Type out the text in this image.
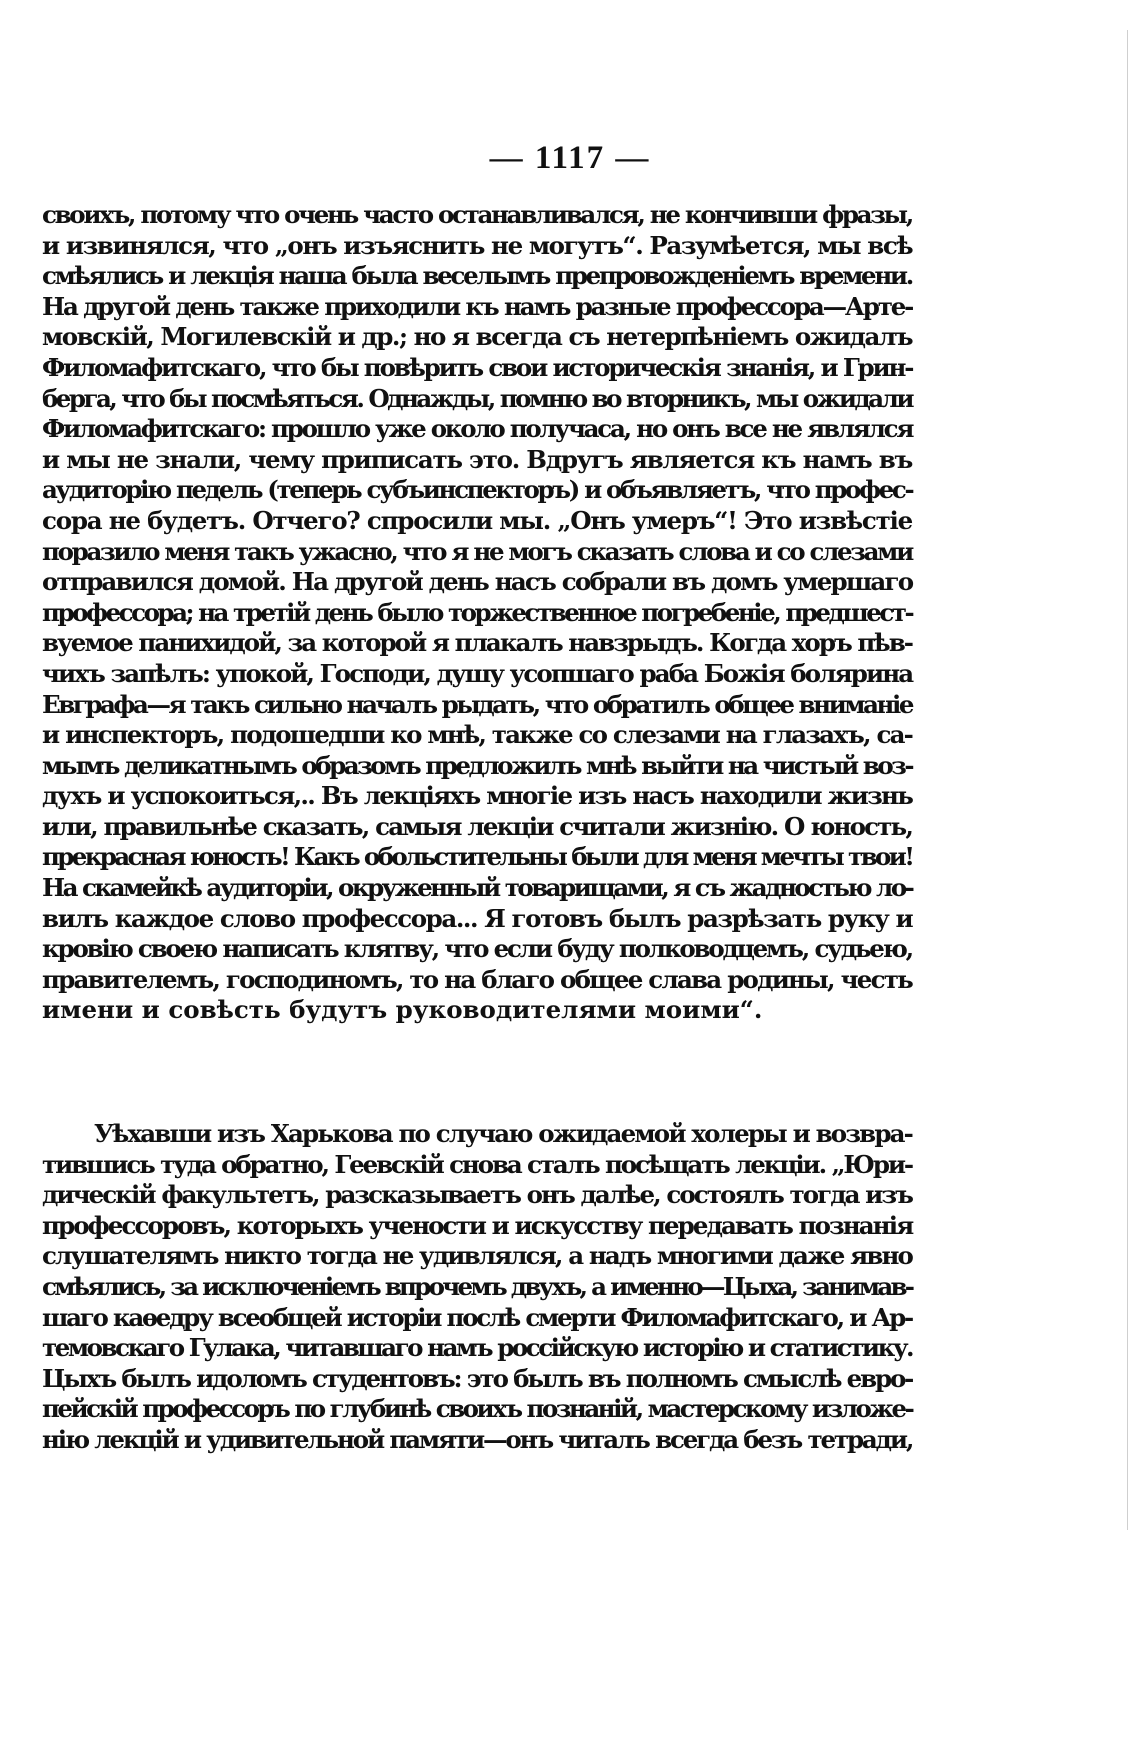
— 1117 —
своихъ, потому что очень часто останавливался, не кончивши фразы,
и извинялся, что „онъ изъяснить не могутъ“. Разумѣется, мы всѣ
смѣялись и лекція наша была веселымъ препровожденіемъ времени.
На другой день также приходили къ намъ разные профессора—Арте-
мовскій, Могилевскій и др.; но я всегда съ нетерпѣніемъ ожидалъ
Филомафитскаго, что бы повѣрить свои историческія знанія, и Грин-
берга, что бы посмѣяться. Однажды, помню во вторникъ, мы ожидали
Филомафитскаго: прошло уже около получаса, но онъ все не являлся
и мы не знали, чему приписать это. Вдругъ является къ намъ въ
аудиторію педель (теперь субъинспекторъ) и объявляетъ, что профес-
сора не будетъ. Отчего? спросили мы. „Онъ умеръ“! Это извѣстіе
поразило меня такъ ужасно, что я не могъ сказать слова и со слезами
отправился домой. На другой день насъ собрали въ домъ умершаго
профессора; на третій день было торжественное погребеніе, предшест-
вуемое панихидой, за которой я плакалъ навзрыдъ. Когда хоръ пѣв-
чихъ запѣлъ: упокой, Господи, душу усопшаго раба Божія болярина
Евграфа—я такъ сильно началъ рыдать, что обратилъ общее вниманіе
и инспекторъ, подошедши ко мнѣ, также со слезами на глазахъ, са-
мымъ деликатнымъ образомъ предложилъ мнѣ выйти на чистый воз-
духъ и успокоиться,.. Въ лекціяхъ многіе изъ насъ находили жизнь
или, правильнѣе сказать, самыя лекціи считали жизнію. О юность,
прекрасная юность! Какъ обольстительны были для меня мечты твои!
На скамейкѣ аудиторіи, окруженный товарищами, я съ жадностью ло-
вилъ каждое слово профессора... Я готовъ былъ разрѣзать руку и
кровію своею написать клятву, что если буду полководцемъ, судьею,
правителемъ, господиномъ, то на благо общее слава родины, честь
имени и совѣсть будутъ руководителями моими“.
Уѣхавши изъ Харькова по случаю ожидаемой холеры и возвра-
тившись туда обратно, Геевскій снова сталъ посѣщать лекціи. „Юри-
дическій факультетъ, разсказываетъ онъ далѣе, состоялъ тогда изъ
профессоровъ, которыхъ учености и искусству передавать познанія
слушателямъ никто тогда не удивлялся, а надъ многими даже явно
смѣялись, за исключеніемъ впрочемъ двухъ, а именно—Цыха, занимав-
шаго каѳедру всеобщей исторіи послѣ смерти Филомафитскаго, и Ар-
темовскаго Гулака, читавшаго намъ россійскую исторію и статистику.
Цыхъ былъ идоломъ студентовъ: это былъ въ полномъ смыслѣ евро-
пейскій профессоръ по глубинѣ своихъ познаній, мастерскому изложе-
нію лекцій и удивительной памяти—онъ читалъ всегда безъ тетради,
